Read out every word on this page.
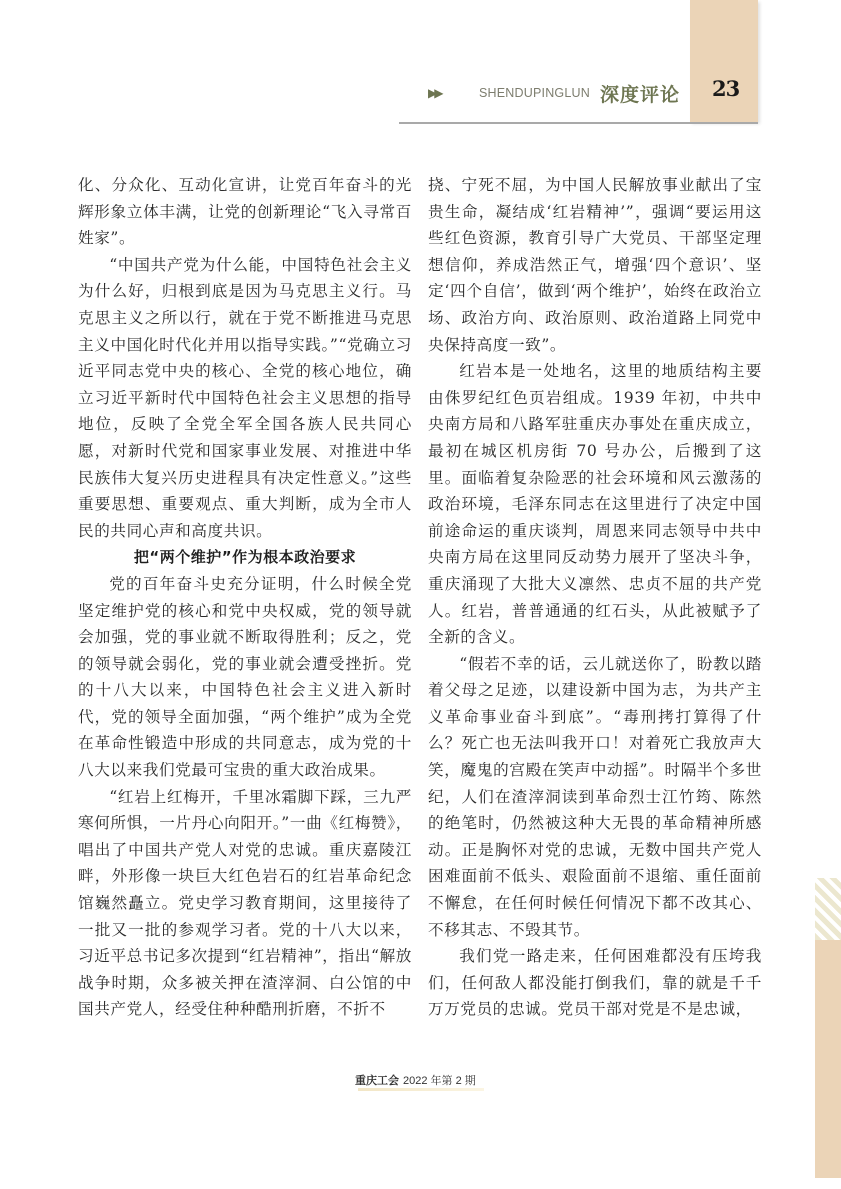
23
▶▶	SHENDUPINGLUN 深度评论

化、分众化、互动化宣讲，让党百年奋斗的光辉形象立体丰满，让党的创新理论“飞入寻常百姓家”。

“中国共产党为什么能，中国特色社会主义为什么好，归根到底是因为马克思主义行。马克思主义之所以行，就在于党不断推进马克思主义中国化时代化并用以指导实践。”“党确立习近平同志党中央的核心、全党的核心地位，确立习近平新时代中国特色社会主义思想的指导地位，反映了全党全军全国各族人民共同心愿，对新时代党和国家事业发展、对推进中华民族伟大复兴历史进程具有决定性意义。”这些重要思想、重要观点、重大判断，成为全市人民的共同心声和高度共识。

把“两个维护”作为根本政治要求

党的百年奋斗史充分证明，什么时候全党坚定维护党的核心和党中央权威，党的领导就会加强，党的事业就不断取得胜利；反之，党的领导就会弱化，党的事业就会遭受挫折。党的十八大以来，中国特色社会主义进入新时代，党的领导全面加强，“两个维护”成为全党在革命性锻造中形成的共同意志，成为党的十八大以来我们党最可宝贵的重大政治成果。

“红岩上红梅开，千里冰霜脚下踩，三九严寒何所惧，一片丹心向阳开。”一曲《红梅赞》，唱出了中国共产党人对党的忠诚。重庆嘉陵江畔，外形像一块巨大红色岩石的红岩革命纪念馆巍然矗立。党史学习教育期间，这里接待了一批又一批的参观学习者。党的十八大以来，习近平总书记多次提到“红岩精神”，指出“解放战争时期，众多被关押在渣滓洞、白公馆的中国共产党人，经受住种种酷刑折磨，不折不

挠、宁死不屈，为中国人民解放事业献出了宝贵生命，凝结成‘红岩精神’”，强调“要运用这些红色资源，教育引导广大党员、干部坚定理想信仰，养成浩然正气，增强‘四个意识’、坚定‘四个自信’，做到‘两个维护’，始终在政治立场、政治方向、政治原则、政治道路上同党中央保持高度一致”。

红岩本是一处地名，这里的地质结构主要由侏罗纪红色页岩组成。1939 年初，中共中央南方局和八路军驻重庆办事处在重庆成立，最初在城区机房街 70 号办公，后搬到了这里。面临着复杂险恶的社会环境和风云激荡的政治环境，毛泽东同志在这里进行了决定中国前途命运的重庆谈判，周恩来同志领导中共中央南方局在这里同反动势力展开了坚决斗争，重庆涌现了大批大义凛然、忠贞不屈的共产党人。红岩，普普通通的红石头，从此被赋予了全新的含义。

“假若不幸的话，云儿就送你了，盼教以踏着父母之足迹，以建设新中国为志，为共产主义革命事业奋斗到底”。“毒刑拷打算得了什么？死亡也无法叫我开口！对着死亡我放声大笑，魔鬼的宫殿在笑声中动摇”。时隔半个多世纪，人们在渣滓洞读到革命烈士江竹筠、陈然的绝笔时，仍然被这种大无畏的革命精神所感动。正是胸怀对党的忠诚，无数中国共产党人困难面前不低头、艰险面前不退缩、重任面前不懈怠，在任何时候任何情况下都不改其心、不移其志、不毁其节。

我们党一路走来，任何困难都没有压垮我们，任何敌人都没能打倒我们，靠的就是千千万万党员的忠诚。党员干部对党是不是忠诚，

重庆工会 2022 年第 2 期
